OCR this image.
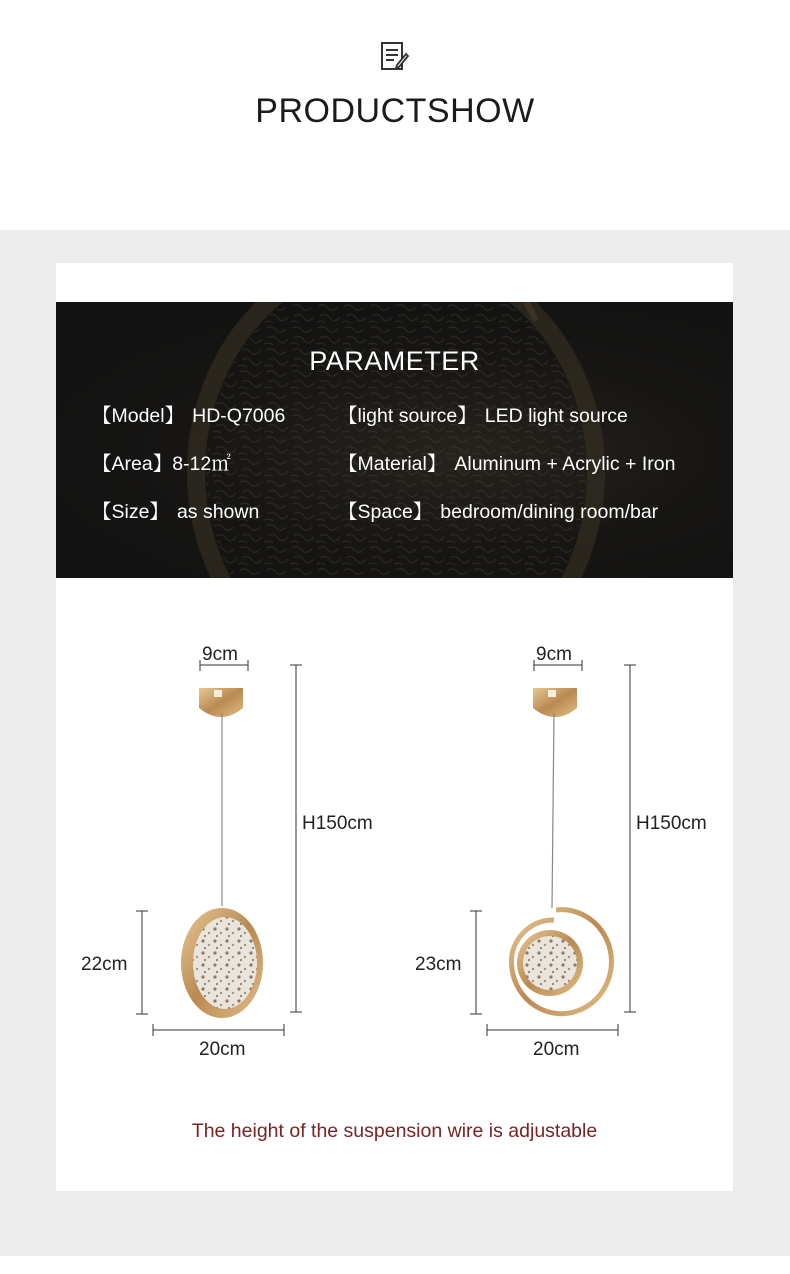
PRODUCTSHOW
PARAMETER
【Model】 HD-Q7006	【light source】 LED light source
【Area】8-12㎡	【Material】 Aluminum + Acrylic + Iron
【Size】 as shown	【Space】 bedroom/dining room/bar
9cm
H150cm
22cm
20cm
9cm
H150cm
23cm
20cm
The height of the suspension wire is adjustable
